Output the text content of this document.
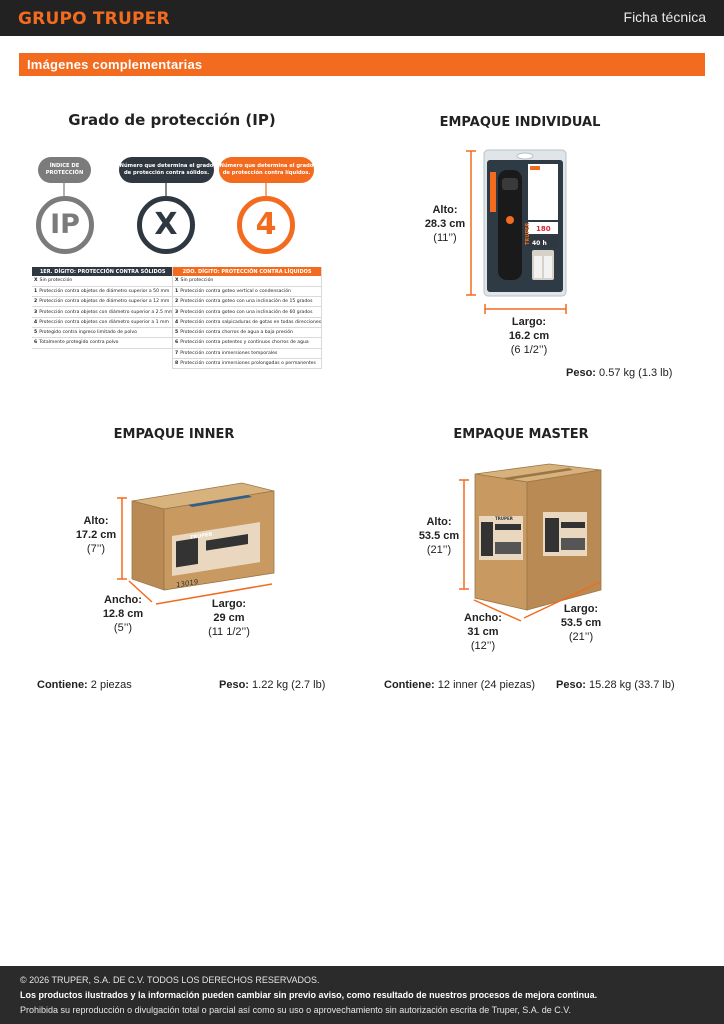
GRUPO TRUPER	Ficha técnica
Imágenes complementarias
Grado de protección (IP)
ÍNDICE DE PROTECCIÓN
Número que determina el grado de protección contra sólidos.
Número que determina el grado de protección contra líquidos.
IP	X	4
1ER. DÍGITO: PROTECCIÓN CONTRA SÓLIDOS
X Sin protección
1 Protección contra objetos de diámetro superior a 50 mm
2 Protección contra objetos de diámetro superior a 12 mm
3 Protección contra objetos con diámetro superior a 2.5 mm
4 Protección contra objetos con diámetro superior a 1 mm
5 Protegido contra ingreso limitado de polvo
6 Totalmente protegido contra polvo
2DO. DÍGITO: PROTECCIÓN CONTRA LÍQUIDOS
X Sin protección
1 Protección contra goteo vertical o condensación
2 Protección contra goteo con una inclinación de 15 grados
3 Protección contra goteo con una inclinación de 60 grados
4 Protección contra salpicaduras de gotas en todas direcciones
5 Protección contra chorros de agua a baja presión
6 Protección contra potentes y continuos chorros de agua
7 Protección contra inmersiones temporales
8 Protección contra inmersiones prolongadas o permanentes
EMPAQUE INDIVIDUAL
180
40 h
TRUPER
Alto:
28.3 cm
(11’’)
Largo:
16.2 cm
(6 1/2’’)
Peso: 0.57 kg (1.3 lb)
EMPAQUE INNER
TRUPER
13019
Alto:
17.2 cm
(7’’)
Ancho:
12.8 cm
(5’’)
Largo:
29 cm
(11 1/2’’)
Contiene: 2 piezas	Peso: 1.22 kg (2.7 lb)
EMPAQUE MASTER
TRUPER
Alto:
53.5 cm
(21’’)
Ancho:
31 cm
(12’’)
Largo:
53.5 cm
(21’’)
Contiene: 12 inner (24 piezas) Peso: 15.28 kg (33.7 lb)

© 2026 TRUPER, S.A. DE C.V. TODOS LOS DERECHOS RESERVADOS.

Los productos ilustrados y la información pueden cambiar sin previo aviso, como resultado de nuestros procesos de mejora continua.

Prohibida su reproducción o divulgación total o parcial así como su uso o aprovechamiento sin autorización escrita de Truper, S.A. de C.V.
